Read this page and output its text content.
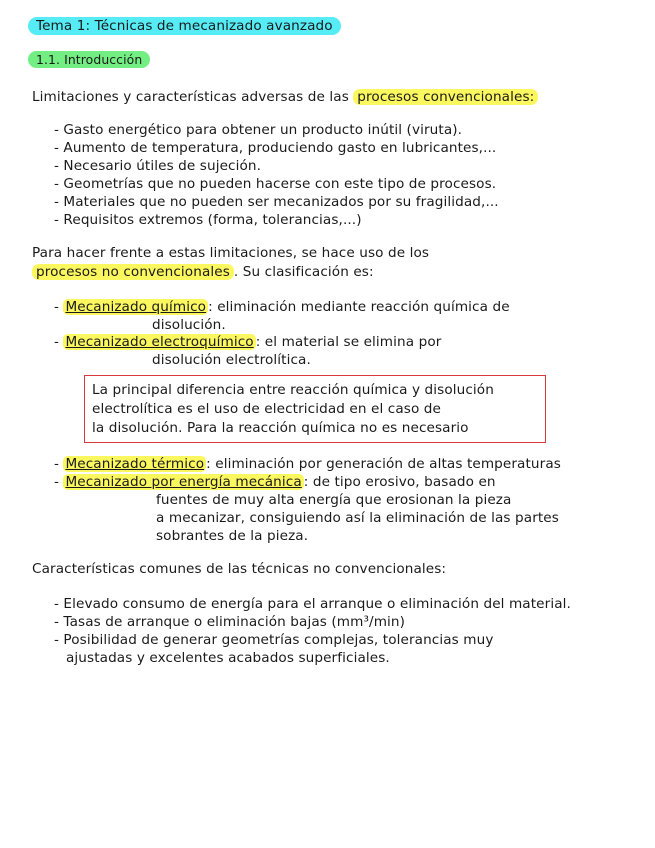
Tema 1: Técnicas de mecanizado avanzado
1.1. Introducción
Limitaciones y características adversas de las procesos convencionales:
- Gasto energético para obtener un producto inútil (viruta).
- Aumento de temperatura, produciendo gasto en lubricantes,...
- Necesario útiles de sujeción.
- Geometrías que no pueden hacerse con este tipo de procesos.
- Materiales que no pueden ser mecanizados por su fragilidad,...
- Requisitos extremos (forma, tolerancias,...)
Para hacer frente a estas limitaciones, se hace uso de los
procesos no convencionales . Su clasificación es:
- Mecanizado químico : eliminación mediante reacción química de
disolución.
- Mecanizado electroquímico : el material se elimina por
disolución electrolítica.
La principal diferencia entre reacción química y disolución
electrolítica es el uso de electricidad en el caso de
la disolución. Para la reacción química no es necesario
- Mecanizado térmico : eliminación por generación de altas temperaturas
- Mecanizado por energía mecánica : de tipo erosivo, basado en
fuentes de muy alta energía que erosionan la pieza
a mecanizar, consiguiendo así la eliminación de las partes
sobrantes de la pieza.
Características comunes de las técnicas no convencionales:
- Elevado consumo de energía para el arranque o eliminación del material.
- Tasas de arranque o eliminación bajas (mm³/min)
- Posibilidad de generar geometrías complejas, tolerancias muy
ajustadas y excelentes acabados superficiales.
